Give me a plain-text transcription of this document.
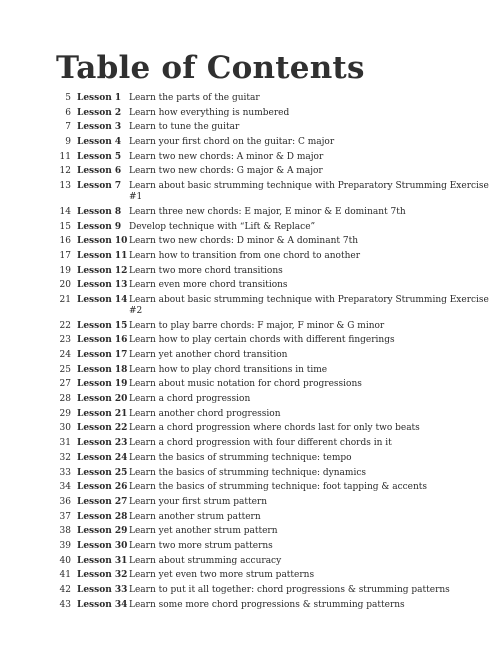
Table of Contents
5 Lesson 1 Learn the parts of the guitar
6 Lesson 2 Learn how everything is numbered
7 Lesson 3 Learn to tune the guitar
9 Lesson 4 Learn your first chord on the guitar: C major
11 Lesson 5 Learn two new chords: A minor & D major
12 Lesson 6 Learn two new chords: G major & A major
13 Lesson 7 Learn about basic strumming technique with Preparatory Strumming Exercise #1
14 Lesson 8 Learn three new chords: E major, E minor & E dominant 7th
15 Lesson 9 Develop technique with “Lift & Replace”
16 Lesson 10 Learn two new chords: D minor & A dominant 7th
17 Lesson 11 Learn how to transition from one chord to another
19 Lesson 12 Learn two more chord transitions
20 Lesson 13 Learn even more chord transitions
21 Lesson 14 Learn about basic strumming technique with Preparatory Strumming Exercise #2
22 Lesson 15 Learn to play barre chords: F major, F minor & G minor
23 Lesson 16 Learn how to play certain chords with different fingerings
24 Lesson 17 Learn yet another chord transition
25 Lesson 18 Learn how to play chord transitions in time
27 Lesson 19 Learn about music notation for chord progressions
28 Lesson 20 Learn a chord progression
29 Lesson 21 Learn another chord progression
30 Lesson 22 Learn a chord progression where chords last for only two beats
31 Lesson 23 Learn a chord progression with four different chords in it
32 Lesson 24 Learn the basics of strumming technique: tempo
33 Lesson 25 Learn the basics of strumming technique: dynamics
34 Lesson 26 Learn the basics of strumming technique: foot tapping & accents
36 Lesson 27 Learn your first strum pattern
37 Lesson 28 Learn another strum pattern
38 Lesson 29 Learn yet another strum pattern
39 Lesson 30 Learn two more strum patterns
40 Lesson 31 Learn about strumming accuracy
41 Lesson 32 Learn yet even two more strum patterns
42 Lesson 33 Learn to put it all together: chord progressions & strumming patterns
43 Lesson 34 Learn some more chord progressions & strumming patterns
